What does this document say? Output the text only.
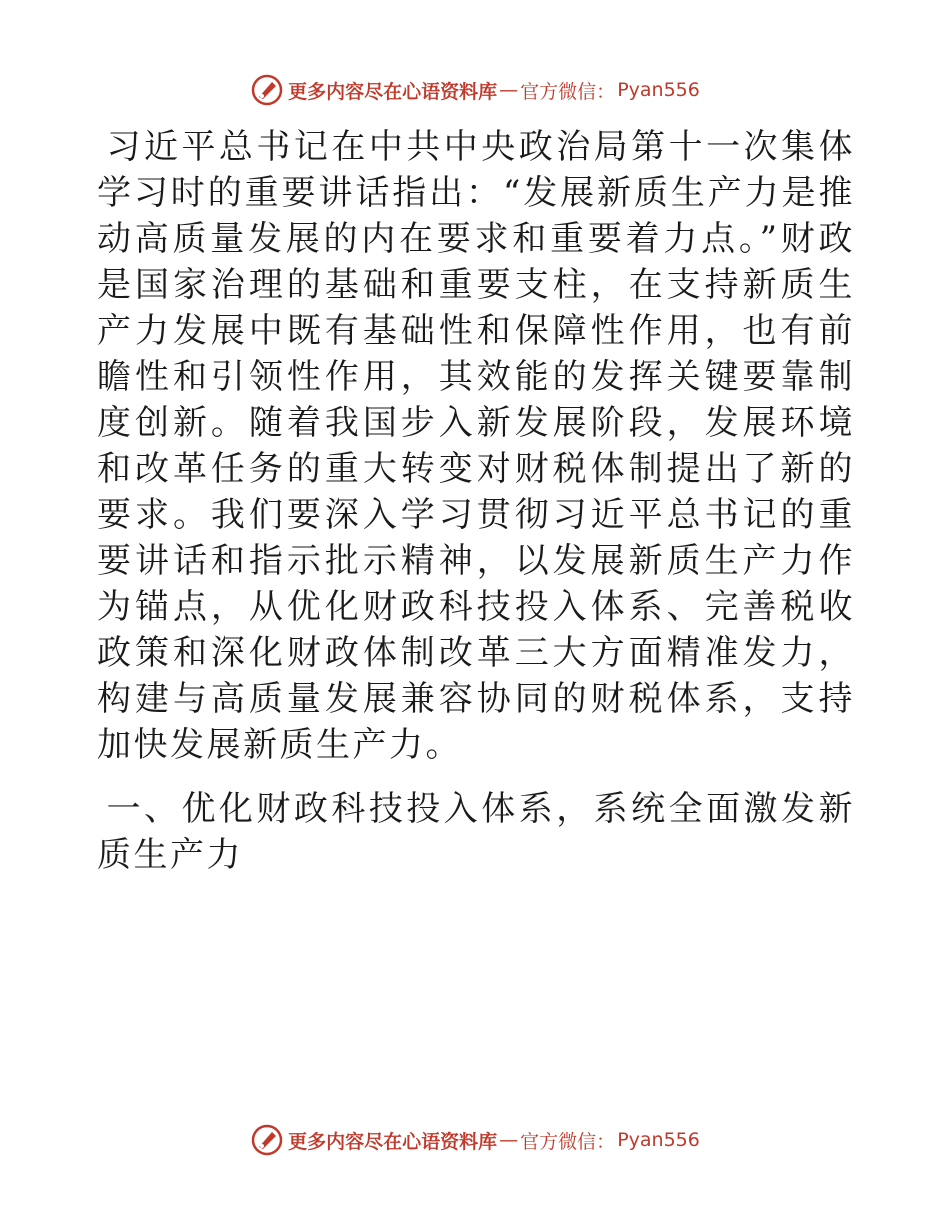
更多内容尽在心语资料库 — 官方微信： Pyan556

习近平总书记在中共中央政治局第十一次集体学习时的重要讲话指出：“发展新质生产力是推动高质量发展的内在要求和重要着力点。”财政是国家治理的基础和重要支柱，在支持新质生产力发展中既有基础性和保障性作用，也有前瞻性和引领性作用，其效能的发挥关键要靠制度创新。随着我国步入新发展阶段，发展环境和改革任务的重大转变对财税体制提出了新的要求。我们要深入学习贯彻习近平总书记的重要讲话和指示批示精神，以发展新质生产力作为锚点，从优化财政科技投入体系、完善税收政策和深化财政体制改革三大方面精准发力，构建与高质量发展兼容协同的财税体系，支持加快发展新质生产力。

一、优化财政科技投入体系，系统全面激发新质生产力
更多内容尽在心语资料库 — 官方微信： Pyan556
